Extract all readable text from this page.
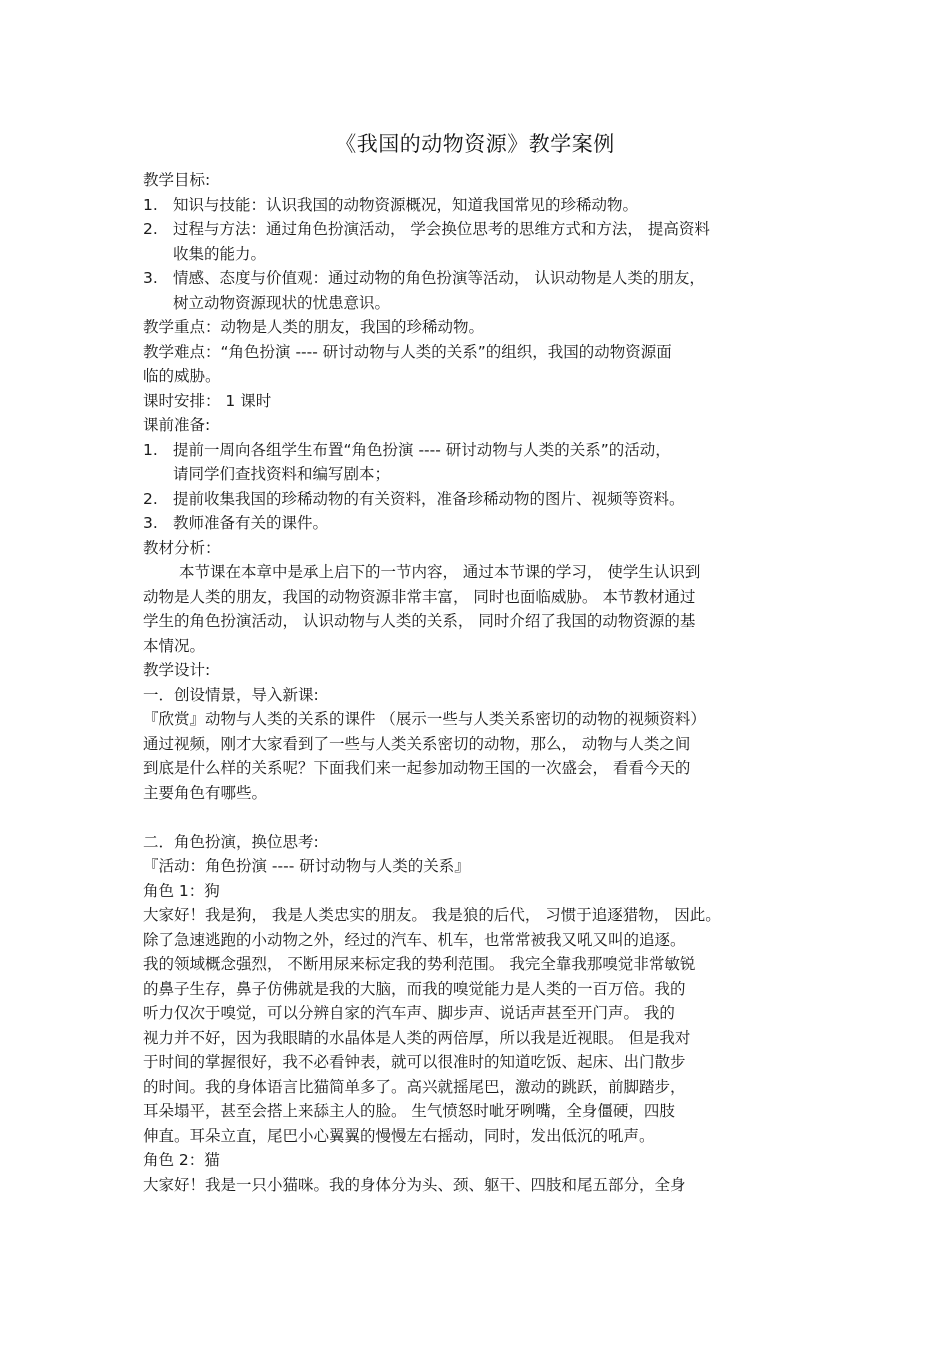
《我国的动物资源》教学案例
教学目标:
1. 知识与技能：认识我国的动物资源概况，知道我国常见的珍稀动物。
2. 过程与方法：通过角色扮演活动， 学会换位思考的思维方式和方法， 提高资料
收集的能力。
3. 情感、态度与价值观：通过动物的角色扮演等活动， 认识动物是人类的朋友，
树立动物资源现状的忧患意识。
教学重点：动物是人类的朋友，我国的珍稀动物。
教学难点：“角色扮演 ---- 研讨动物与人类的关系”的组织，我国的动物资源面
临的威胁。
课时安排： 1 课时
课前准备:
1. 提前一周向各组学生布置“角色扮演 ---- 研讨动物与人类的关系”的活动，
请同学们查找资料和编写剧本；
2. 提前收集我国的珍稀动物的有关资料，准备珍稀动物的图片、视频等资料。
3. 教师准备有关的课件。
教材分析：
本节课在本章中是承上启下的一节内容， 通过本节课的学习， 使学生认识到
动物是人类的朋友，我国的动物资源非常丰富， 同时也面临威胁。 本节教材通过
学生的角色扮演活动， 认识动物与人类的关系， 同时介绍了我国的动物资源的基
本情况。
教学设计:
一．创设情景，导入新课:
『欣赏』动物与人类的关系的课件 （展示一些与人类关系密切的动物的视频资料）
通过视频，刚才大家看到了一些与人类关系密切的动物，那么， 动物与人类之间
到底是什么样的关系呢？下面我们来一起参加动物王国的一次盛会， 看看今天的
主要角色有哪些。
二．角色扮演，换位思考:
『活动：角色扮演 ---- 研讨动物与人类的关系』
角色 1：狗
大家好！我是狗， 我是人类忠实的朋友。 我是狼的后代， 习惯于追逐猎物， 因此。
除了急速逃跑的小动物之外，经过的汽车、机车，也常常被我又吼又叫的追逐。
我的领域概念强烈， 不断用尿来标定我的势利范围。 我完全靠我那嗅觉非常敏锐
的鼻子生存，鼻子仿佛就是我的大脑，而我的嗅觉能力是人类的一百万倍。我的
听力仅次于嗅觉，可以分辨自家的汽车声、脚步声、说话声甚至开门声。 我的
视力并不好，因为我眼睛的水晶体是人类的两倍厚，所以我是近视眼。 但是我对
于时间的掌握很好，我不必看钟表，就可以很准时的知道吃饭、起床、出门散步
的时间。我的身体语言比猫简单多了。高兴就摇尾巴，激动的跳跃，前脚踏步，
耳朵塌平，甚至会搭上来舔主人的脸。 生气愤怒时呲牙咧嘴，全身僵硬，四肢
伸直。耳朵立直，尾巴小心翼翼的慢慢左右摇动，同时，发出低沉的吼声。
角色 2：猫
大家好！我是一只小猫咪。我的身体分为头、颈、躯干、四肢和尾五部分，全身
